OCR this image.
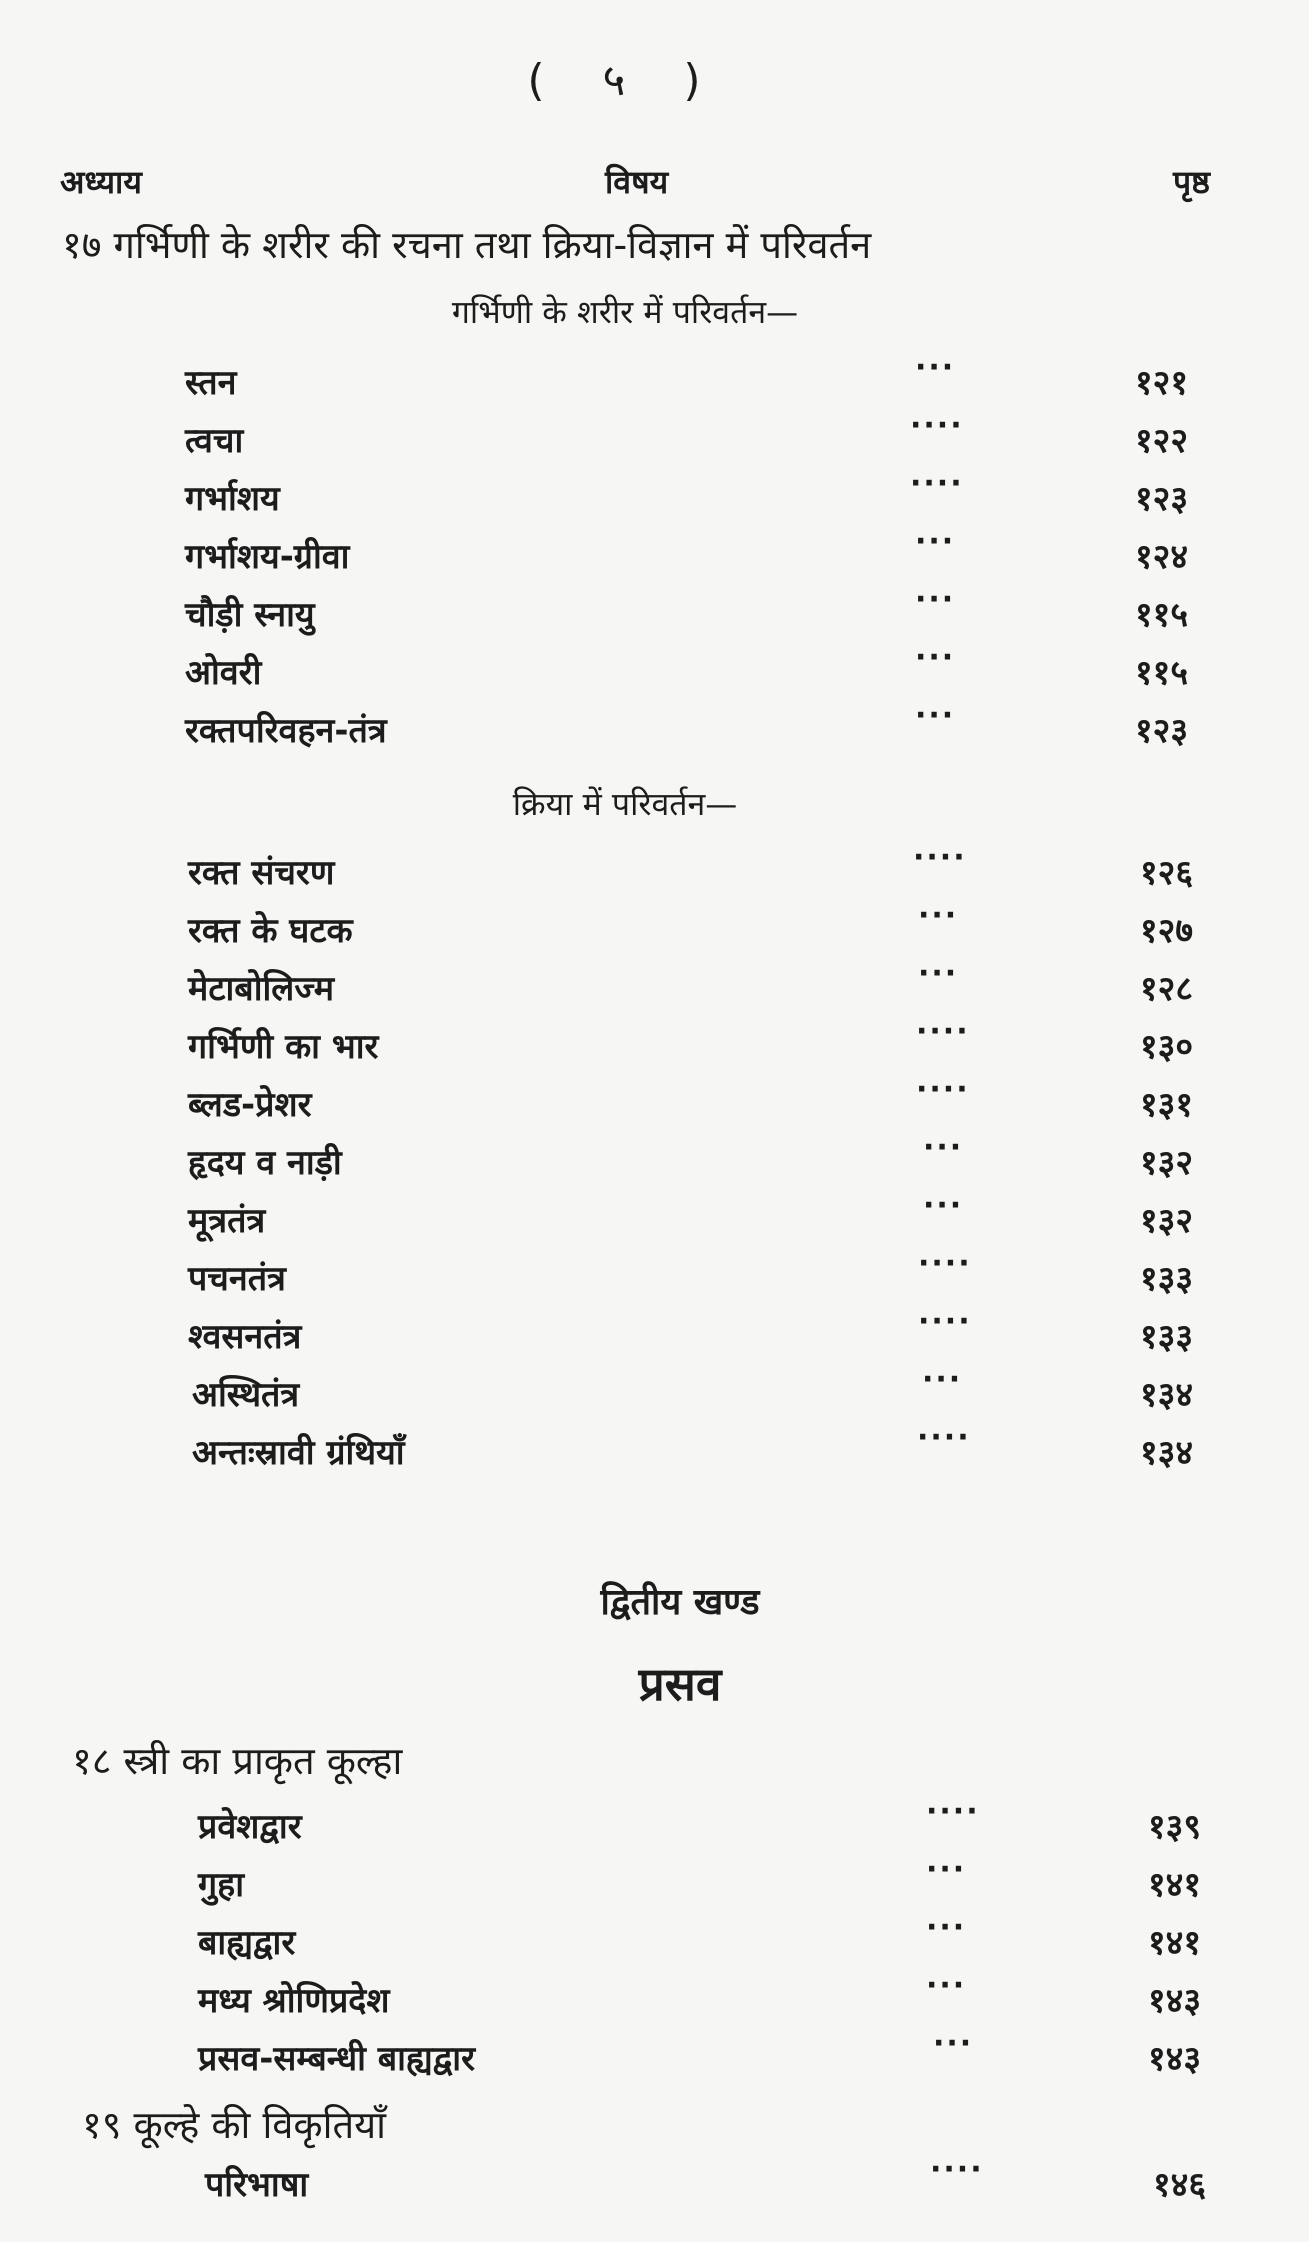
( ५ )
अध्याय	विषय	पृष्ठ
१७ गर्भिणी के शरीर की रचना तथा क्रिया-विज्ञान में परिवर्तन
गर्भिणी के शरीर में परिवर्तन—
स्तन	···	१२१
त्वचा	····	१२२
गर्भाशय	····	१२३
गर्भाशय-ग्रीवा	···	१२४
चौड़ी स्नायु	···	११५
ओवरी	···	११५
रक्तपरिवहन-तंत्र	···	१२३
क्रिया में परिवर्तन—
रक्त संचरण	····	१२६
रक्त के घटक	···	१२७
मेटाबोलिज्म	···	१२८
गर्भिणी का भार	····	१३०
ब्लड-प्रेशर	····	१३१
हृदय व नाड़ी	···	१३२
मूत्रतंत्र	···	१३२
पचनतंत्र	····	१३३
श्वसनतंत्र	····	१३३
अस्थितंत्र	···	१३४
अन्तःस्रावी ग्रंथियाँ	····	१३४
द्वितीय खण्ड
प्रसव
१८ स्त्री का प्राकृत कूल्हा
प्रवेशद्वार	····	१३९
गुहा	···	१४१
बाह्यद्वार	···	१४१
मध्य श्रोणिप्रदेश	···	१४३
प्रसव-सम्बन्धी बाह्यद्वार	···	१४३
१९ कूल्हे की विकृतियाँ
परिभाषा	····	१४६
